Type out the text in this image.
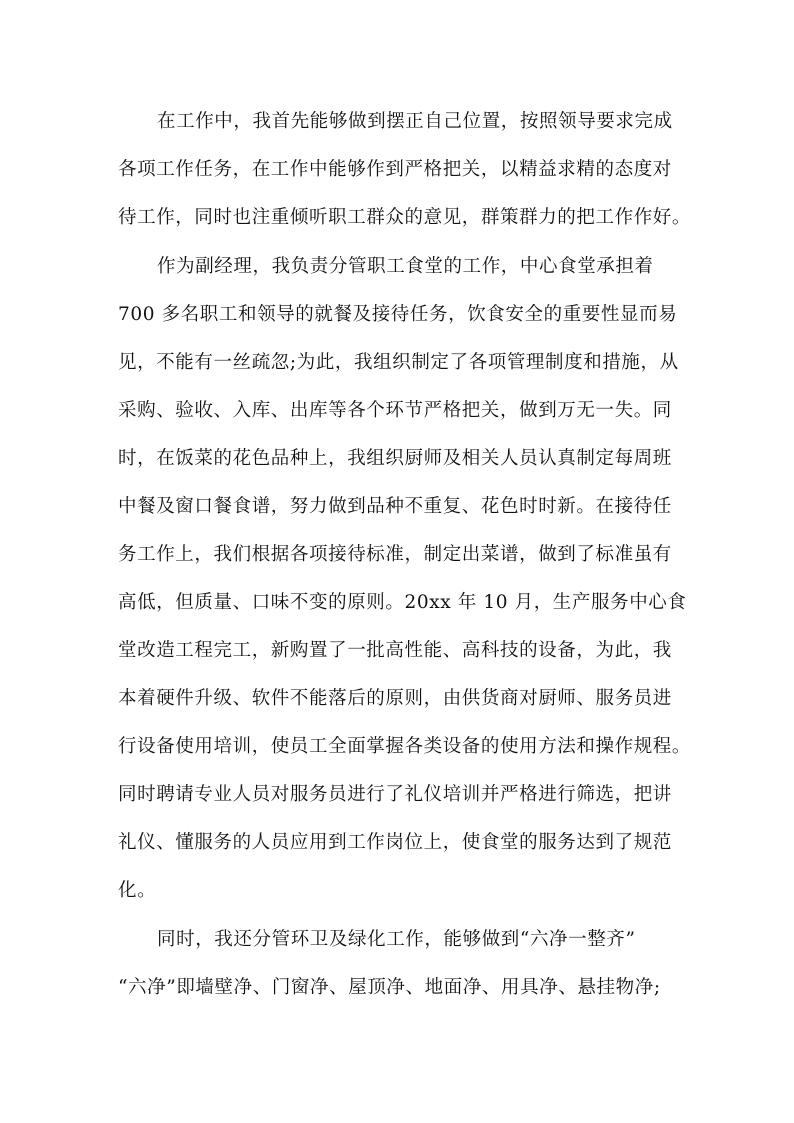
在工作中，我首先能够做到摆正自己位置，按照领导要求完成
各项工作任务，在工作中能够作到严格把关，以精益求精的态度对
待工作，同时也注重倾听职工群众的意见，群策群力的把工作作好。
作为副经理，我负责分管职工食堂的工作，中心食堂承担着
700 多名职工和领导的就餐及接待任务，饮食安全的重要性显而易
见，不能有一丝疏忽;为此，我组织制定了各项管理制度和措施，从
采购、验收、入库、出库等各个环节严格把关，做到万无一失。同
时，在饭菜的花色品种上，我组织厨师及相关人员认真制定每周班
中餐及窗口餐食谱，努力做到品种不重复、花色时时新。在接待任
务工作上，我们根据各项接待标准，制定出菜谱，做到了标准虽有
高低，但质量、口味不变的原则。20xx 年 10 月，生产服务中心食
堂改造工程完工，新购置了一批高性能、高科技的设备，为此，我
本着硬件升级、软件不能落后的原则，由供货商对厨师、服务员进
行设备使用培训，使员工全面掌握各类设备的使用方法和操作规程。
同时聘请专业人员对服务员进行了礼仪培训并严格进行筛选，把讲
礼仪、懂服务的人员应用到工作岗位上，使食堂的服务达到了规范
化。
同时，我还分管环卫及绿化工作，能够做到“六净一整齐”
“六净”即墙壁净、门窗净、屋顶净、地面净、用具净、悬挂物净;
